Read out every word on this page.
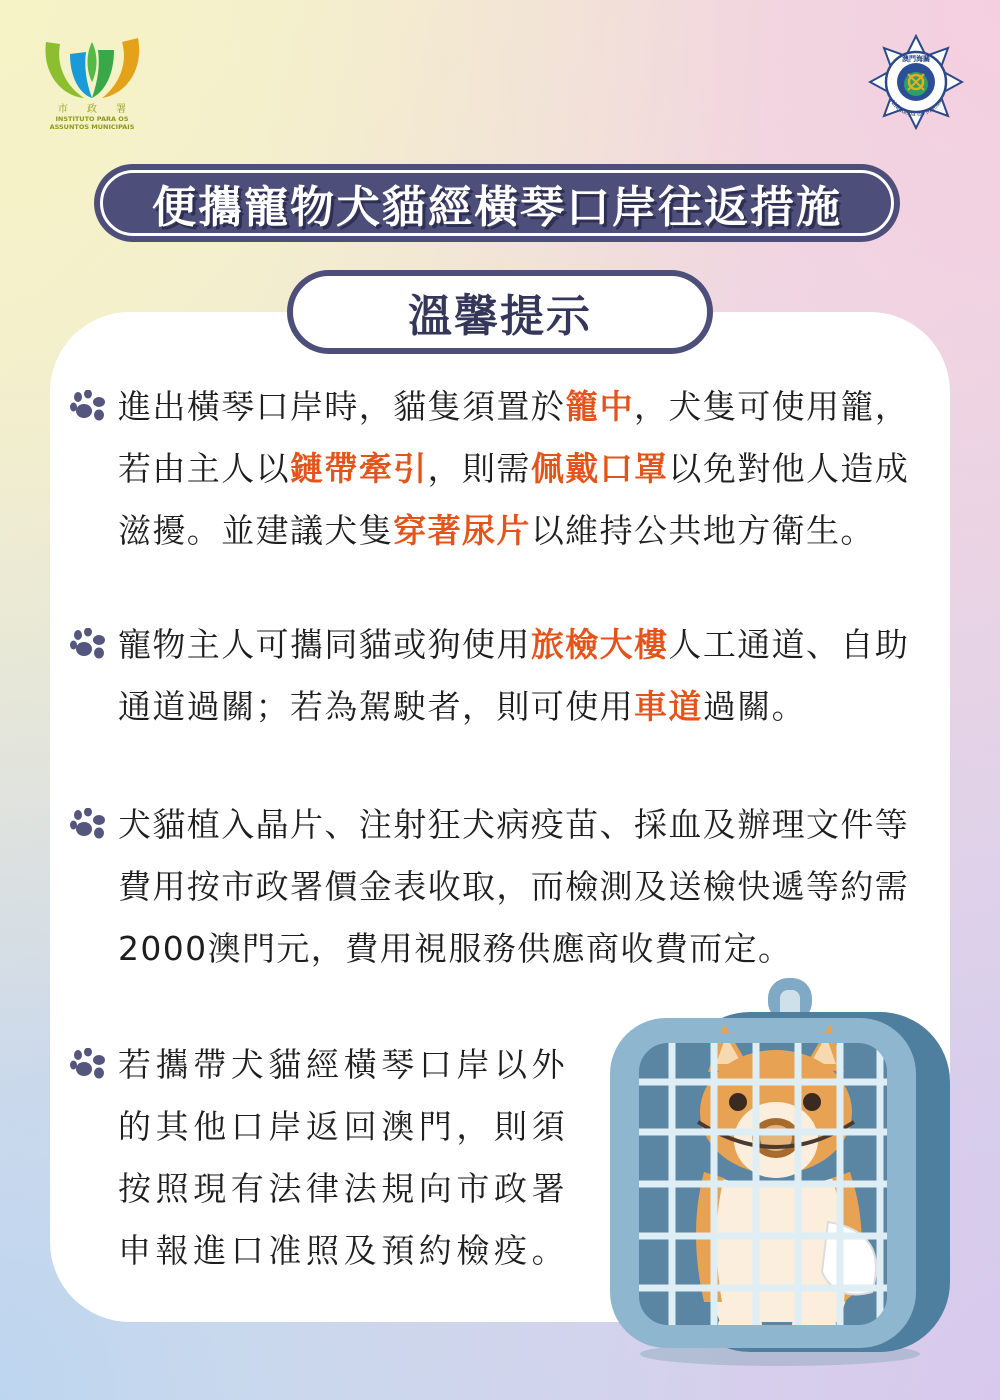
市 政 署
INSTITUTO PARA OS
ASSUNTOS MUNICIPAIS
澳門海關
Alfândega de Macau
便攜寵物犬貓經橫琴口岸往返措施
溫馨提示
進出橫琴口岸時，貓隻須置於籠中，犬隻可使用籠，
若由主人以鏈帶牽引，則需佩戴口罩以免對他人造成
滋擾。並建議犬隻穿著尿片以維持公共地方衛生。
寵物主人可攜同貓或狗使用旅檢大樓人工通道、自助
通道過關；若為駕駛者，則可使用車道過關。
犬貓植入晶片、注射狂犬病疫苗、採血及辦理文件等
費用按市政署價金表收取，而檢測及送檢快遞等約需
2000澳門元，費用視服務供應商收費而定。
若攜帶犬貓經橫琴口岸以外
的其他口岸返回澳門，則須
按照現有法律法規向市政署
申報進口准照及預約檢疫。
